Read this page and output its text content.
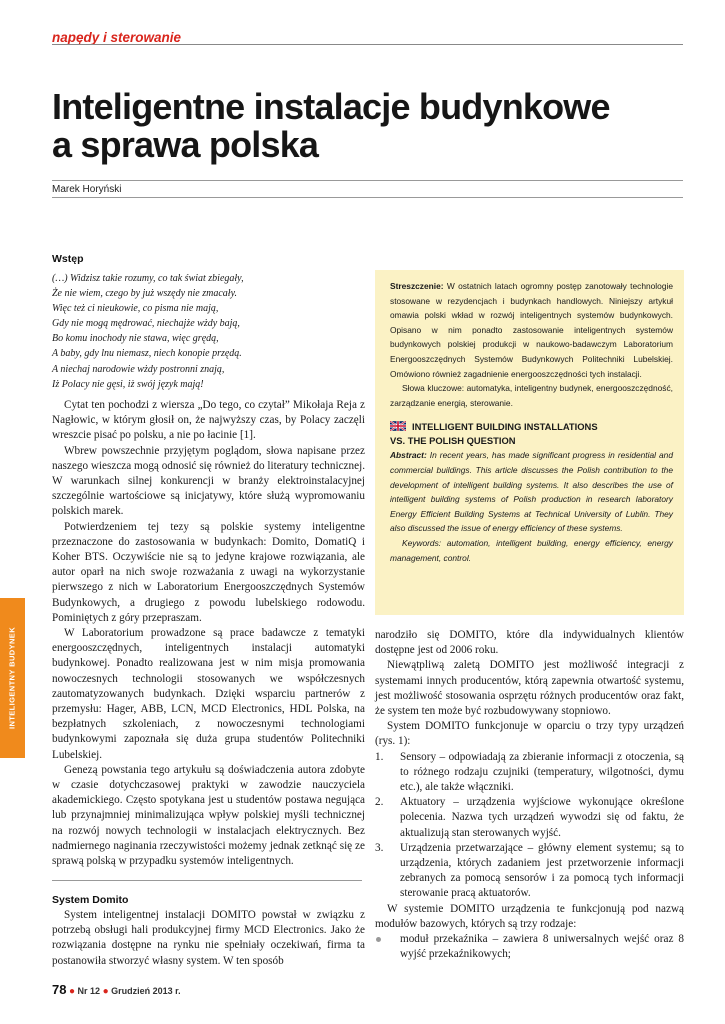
napędy i sterowanie
Inteligentne instalacje budynkowe
a sprawa polska
Marek Horyński
Wstęp
(…) Widzisz takie rozumy, co tak świat zbiegały,
Że nie wiem, czego by już wszędy nie zmacały.
Więc też ci nieukowie, co pisma nie mają,
Gdy nie mogą mędrować, niechajże wżdy bają,
Bo komu inochody nie stawa, więc grędą,
A baby, gdy lnu niemasz, niech konopie przędą.
A niechaj narodowie wżdy postronni znają,
Iż Polacy nie gęsi, iż swój język mają!

Cytat ten pochodzi z wiersza „Do tego, co czytał” Mikołaja Reja z Nagłowic, w którym głosił on, że najwyższy czas, by Polacy zaczęli wreszcie pisać po polsku, a nie po łacinie [1].

Wbrew powszechnie przyjętym poglądom, słowa napisane przez naszego wieszcza mogą odnosić się również do literatury technicznej. W warunkach silnej konkurencji w branży elektroinstalacyjnej szczególnie wartościowe są inicjatywy, które służą wypromowaniu polskich marek.

Potwierdzeniem tej tezy są polskie systemy inteligentne przeznaczone do zastosowania w budynkach: Domito, DomatiQ i Koher BTS. Oczywiście nie są to jedyne krajowe rozwiązania, ale autor oparł na nich swoje rozważania z uwagi na wykorzystanie pierwszego z nich w Laboratorium Energooszczędnych Systemów Budynkowych, a drugiego z powodu lubelskiego rodowodu. Pominiętych z góry przepraszam.

W Laboratorium prowadzone są prace badawcze z tematyki energooszczędnych, inteligentnych instalacji automatyki budynkowej. Ponadto realizowana jest w nim misja promowania nowoczesnych technologii stosowanych we współczesnych zautomatyzowanych budynkach. Dzięki wsparciu partnerów z przemysłu: Hager, ABB, LCN, MCD Electronics, HDL Polska, na bezpłatnych szkoleniach, z nowoczesnymi technologiami budynkowymi zapoznała się duża grupa studentów Politechniki Lubelskiej.

Genezą powstania tego artykułu są doświadczenia autora zdobyte w czasie dotychczasowej praktyki w zawodzie nauczyciela akademickiego. Często spotykana jest u studentów postawa negująca lub przynajmniej minimalizująca wpływ polskiej myśli technicznej na rozwój nowych technologii w instalacjach elektrycznych. Bez nadmiernego naginania rzeczywistości możemy jednak zetknąć się ze sprawą polską w przypadku systemów inteligentnych.

System Domito

System inteligentnej instalacji DOMITO powstał w związku z potrzebą obsługi hali produkcyjnej firmy MCD Electronics. Jako że rozwiązania dostępne na rynku nie spełniały oczekiwań, firma ta postanowiła stworzyć własny system. W ten sposób

Streszczenie: W ostatnich latach ogromny postęp zanotowały technologie stosowane w rezydencjach i budynkach handlowych. Niniejszy artykuł omawia polski wkład w rozwój inteligentnych systemów budynkowych. Opisano w nim ponadto zastosowanie inteligentnych systemów budynkowych polskiej produkcji w naukowo-badawczym Laboratorium Energooszczędnych Systemów Budynkowych Politechniki Lubelskiej. Omówiono również zagadnienie energooszczędności tych instalacji.

Słowa kluczowe: automatyka, inteligentny budynek, energooszczędność, zarządzanie energią, sterowanie.

INTELLIGENT BUILDING INSTALLATIONS
VS. THE POLISH QUESTION

Abstract: In recent years, has made significant progress in residential and commercial buildings. This article discusses the Polish contribution to the development of intelligent building systems. It also describes the use of intelligent building systems of Polish production in research laboratory Energy Efficient Building Systems at Technical University of Lublin. They also discussed the issue of energy efficiency of these systems.

Keywords: automation, intelligent building, energy efficiency, energy management, control.

narodziło się DOMITO, które dla indywidualnych klientów dostępne jest od 2006 roku.

Niewątpliwą zaletą DOMITO jest możliwość integracji z systemami innych producentów, którą zapewnia otwartość systemu, jest możliwość stosowania osprzętu różnych producentów oraz fakt, że system ten może być rozbudowywany stopniowo.

System DOMITO funkcjonuje w oparciu o trzy typy urządzeń (rys. 1):

1. Sensory – odpowiadają za zbieranie informacji z otoczenia, są to różnego rodzaju czujniki (temperatury, wilgotności, dymu etc.), ale także włączniki.

2. Aktuatory – urządzenia wyjściowe wykonujące określone polecenia. Nazwa tych urządzeń wywodzi się od faktu, że aktualizują stan sterowanych wyjść.

3. Urządzenia przetwarzające – główny element systemu; są to urządzenia, których zadaniem jest przetworzenie informacji zebranych za pomocą sensorów i za pomocą tych informacji sterowanie pracą aktuatorów.

W systemie DOMITO urządzenia te funkcjonują pod nazwą modułów bazowych, których są trzy rodzaje:

moduł przekaźnika – zawiera 8 uniwersalnych wejść oraz 8 wyjść przekaźnikowych;

INTELIGENTNY BUDYNEK
78 ● Nr 12 ● Grudzień 2013 r.
